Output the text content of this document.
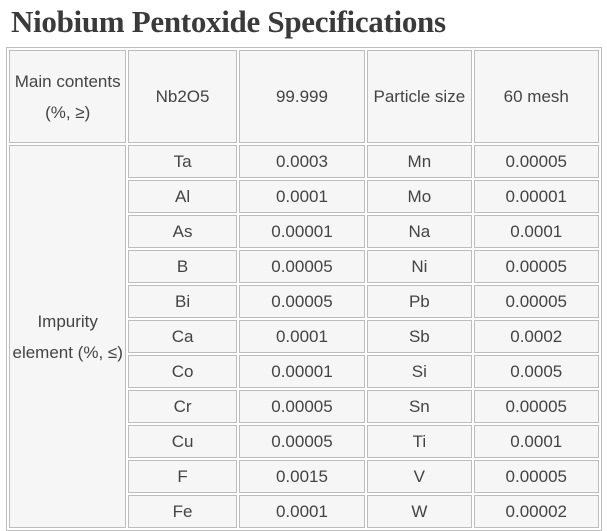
Niobium Pentoxide Specifications
Main contents (%, ≥)	Nb2O5	99.999	Particle size	60 mesh

Impurity element (%, ≤)	Ta	0.0003	Mn	0.00005
	Al	0.0001	Mo	0.00001
	As	0.00001	Na	0.0001
	B	0.00005	Ni	0.00005
	Bi	0.00005	Pb	0.00005
	Ca	0.0001	Sb	0.0002
	Co	0.00001	Si	0.0005
	Cr	0.00005	Sn	0.00005
	Cu	0.00005	Ti	0.0001
	F	0.0015	V	0.00005
	Fe	0.0001	W	0.00002
